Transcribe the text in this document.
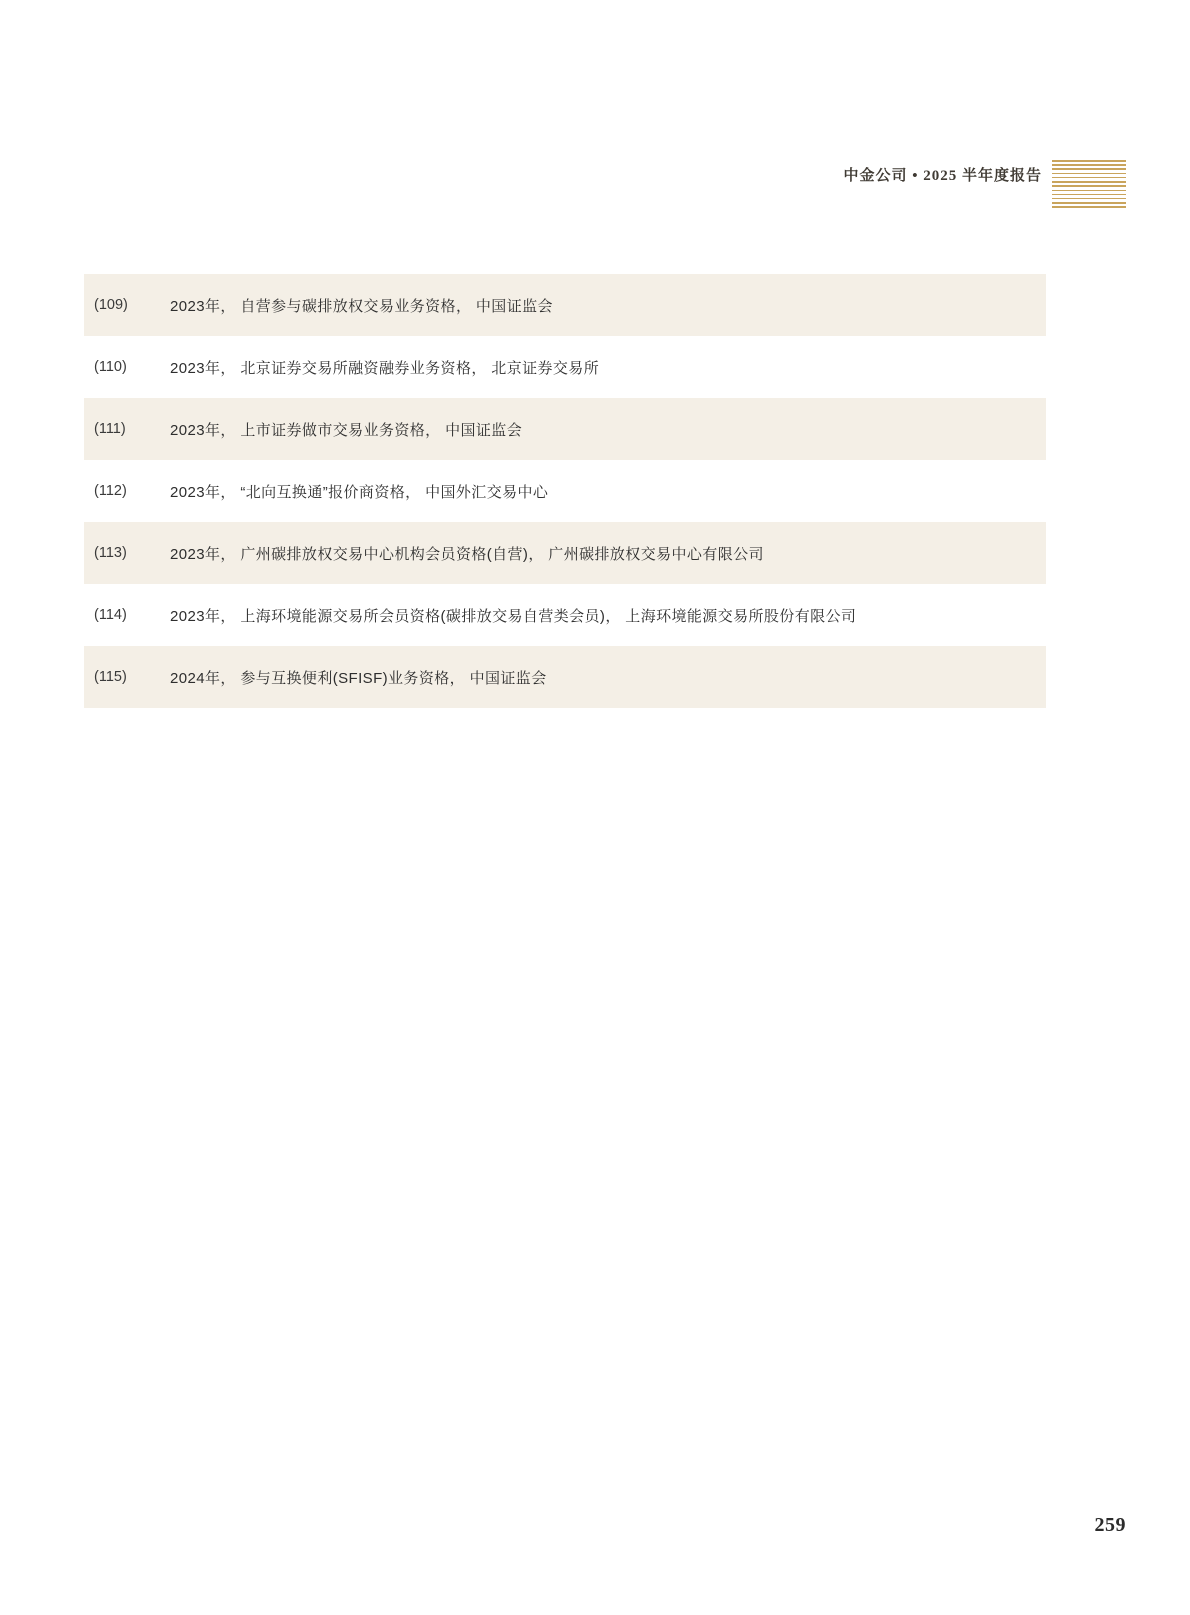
中金公司 • 2025 半年度报告
(109)	2023年， 自营参与碳排放权交易业务资格， 中国证监会
(110)	2023年， 北京证券交易所融资融券业务资格， 北京证券交易所
(111)	2023年， 上市证券做市交易业务资格， 中国证监会
(112)	2023年， “北向互换通”报价商资格， 中国外汇交易中心
(113)	2023年， 广州碳排放权交易中心机构会员资格(自营)， 广州碳排放权交易中心有限公司
(114)	2023年， 上海环境能源交易所会员资格(碳排放交易自营类会员)， 上海环境能源交易所股份有限公司
(115)	2024年， 参与互换便利(SFISF)业务资格， 中国证监会
259
